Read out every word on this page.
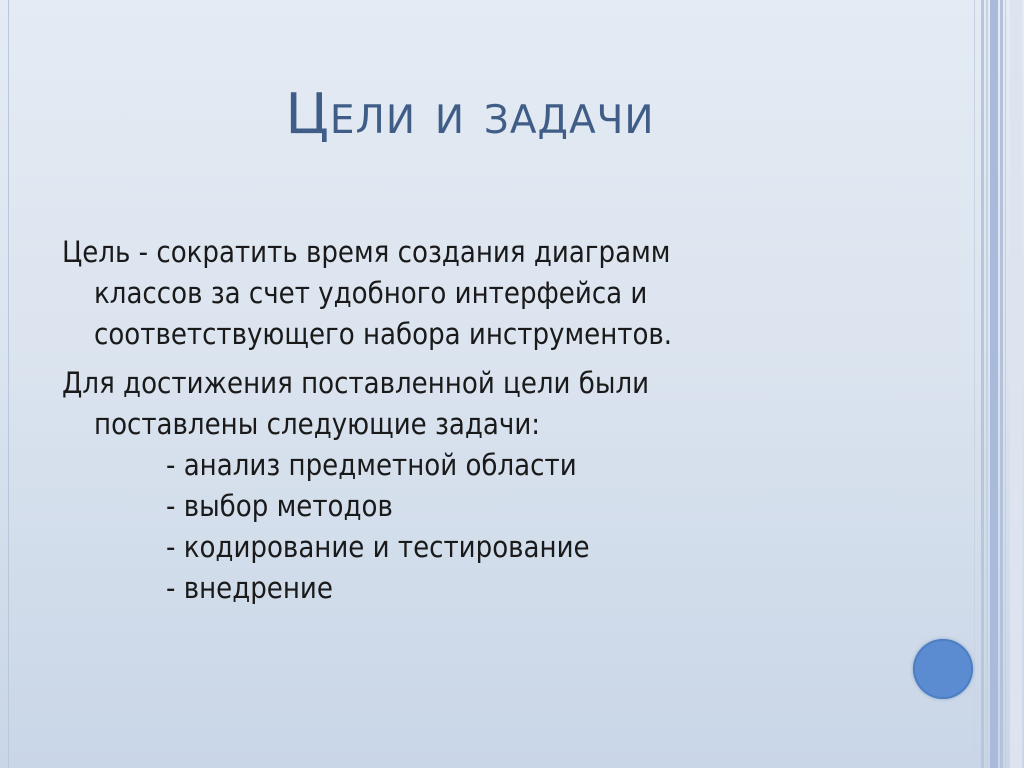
Цели и задачи

Цель - сократить время создания диаграмм
классов за счет удобного интерфейса и
соответствующего набора инструментов.

Для достижения поставленной цели были
поставлены следующие задачи:
- анализ предметной области
- выбор методов
- кодирование и тестирование
- внедрение
